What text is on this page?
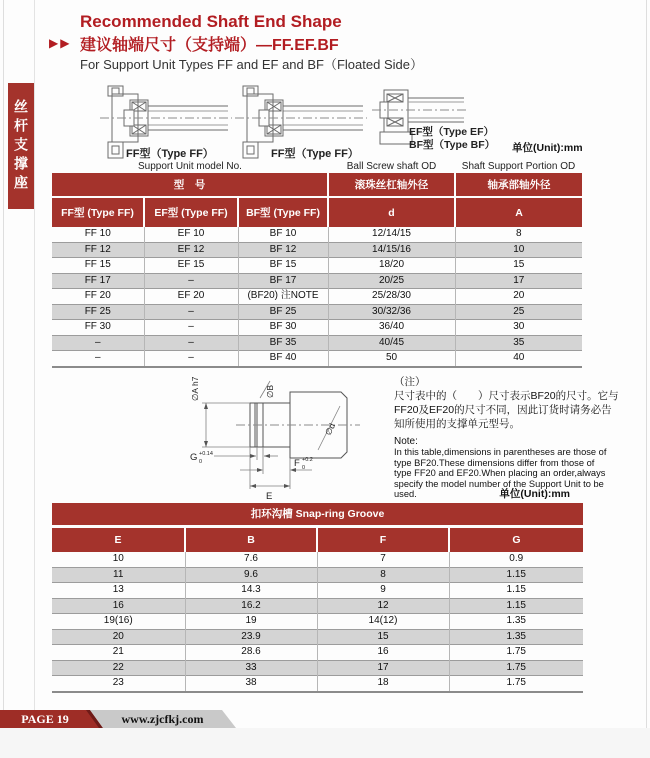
▶▶
Recommended Shaft End Shape
建议轴端尺寸（支持端）—FF.EF.BF
For Support Unit Types FF and EF and BF（Floated Side）
丝杆支撑座	FF型（Type FF）	FF型（Type FF）
EF型（Type EF）
BF型（Type BF） 单位(Unit):mm
Support Unit model No.	Ball Screw shaft OD	Shaft Support Portion OD
型　号			滚珠丝杠轴外径	轴承部轴外径
FF型 (Type FF)	EF型 (Type FF)	BF型 (Type FF)	d	A
FF 10	EF 10	BF 10	12/14/15	8
FF 12	EF 12	BF 12	14/15/16	10
FF 15	EF 15	BF 15	18/20	15
FF 17	–	BF 17	20/25	17
FF 20	EF 20	(BF20) 注NOTE	25/28/30	20
FF 25	–	BF 25	30/32/36	25
FF 30	–	BF 30	36/40	30
–	–	BF 35	40/45	35
–	–	BF 40	50	40
∅A h7	∅B
∅d
G +0.14
0	F +0.2
0
E
（注）
尺寸表中的（　　）尺寸表示BF20的尺寸。它与
FF20及EF20的尺寸不同，因此订货时请务必告
知所使用的支撑单元型号。
Note:
In this table,dimensions in parentheses are those of
type BF20.These dimensions differ from those of
type FF20 and EF20.When placing an order,always
specify the model number of the Support Unit to be
used.	单位(Unit):mm
扣环沟槽 Snap-ring Groove
E	B	F	G
10	7.6	7	0.9
11	9.6	8	1.15
13	14.3	9	1.15
16	16.2	12	1.15
19(16)	19	14(12)	1.35
20	23.9	15	1.35
21	28.6	16	1.75
22	33	17	1.75
23	38	18	1.75
PAGE 19	www.zjcfkj.com
